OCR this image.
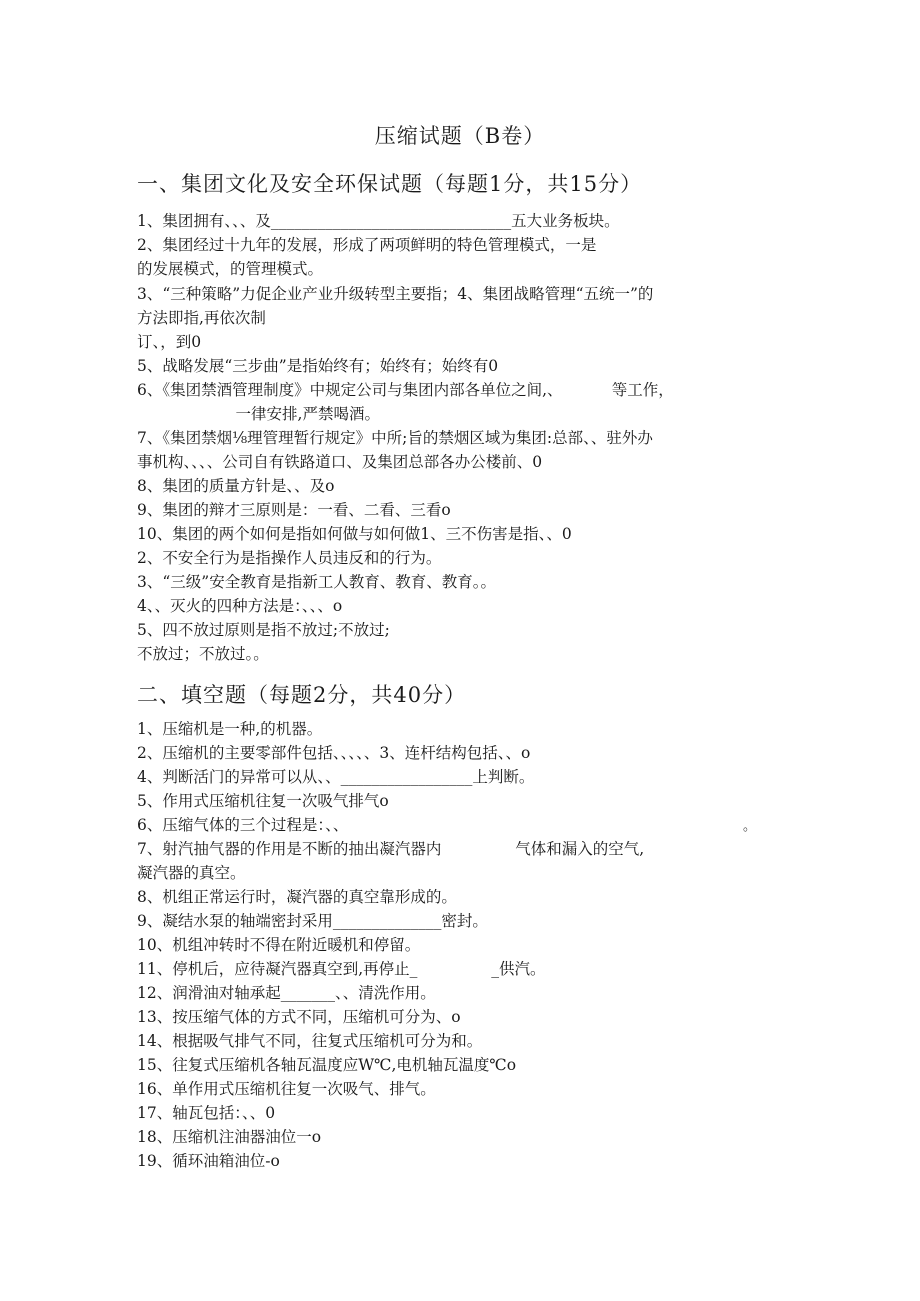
压缩试题（B卷）
一、集团文化及安全环保试题（每题1分，共15分）
1、集团拥有、、、及_______________________________五大业务板块。
2、集团经过十九年的发展，形成了两项鲜明的特色管理模式，一是
的发展模式，的管理模式。
3、“三种策略”力促企业产业升级转型主要指；4、集团战略管理“五统一”的
方法即指,再依次制
订、，到0
5、战略发展“三步曲”是指始终有；始终有；始终有0
6、《集团禁酒管理制度》中规定公司与集团内部各单位之间,、          等工作，
一律安排,严禁喝酒。
7、《集团禁烟⅛理管理暂行规定》中所;旨的禁烟区域为集团:总部、、驻外办
事机构、、、、公司自有铁路道口、及集团总部各办公楼前、0
8、集团的质量方针是、、及o
9、集团的辩才三原则是：一看、二看、三看o
10、集团的两个如何是指如何做与如何做1、三不伤害是指、、0
2、不安全行为是指操作人员违反和的行为。
3、“三级”安全教育是指新工人教育、教育、教育。。
4、、灭火的四种方法是：、、、o
5、四不放过原则是指不放过;不放过;
不放过；不放过。。
二、填空题（每题2分，共40分）
1、压缩机是一种,的机器。
2、压缩机的主要零部件包括、、、、、3、连杆结构包括、、o
4、判断活门的异常可以从、、_________________上判断。
5、作用式压缩机往复一次吸气排气o
6、压缩气体的三个过程是：、、
7、射汽抽气器的作用是不断的抽出凝汽器内               气体和漏入的空气,
凝汽器的真空。
8、机组正常运行时，凝汽器的真空靠形成的。
9、凝结水泵的轴端密封采用______________密封。
10、机组冲转时不得在附近暖机和停留。
11、停机后，应待凝汽器真空到,再停止_               _供汽。
12、润滑油对轴承起_______、、清洗作用。
13、按压缩气体的方式不同，压缩机可分为、o
14、根据吸气排气不同，往复式压缩机可分为和。
15、往复式压缩机各轴瓦温度应W℃,电机轴瓦温度℃o
16、单作用式压缩机往复一次吸气、排气。
17、轴瓦包括：、、0
18、压缩机注油器油位一o
19、循环油箱油位-o
。
